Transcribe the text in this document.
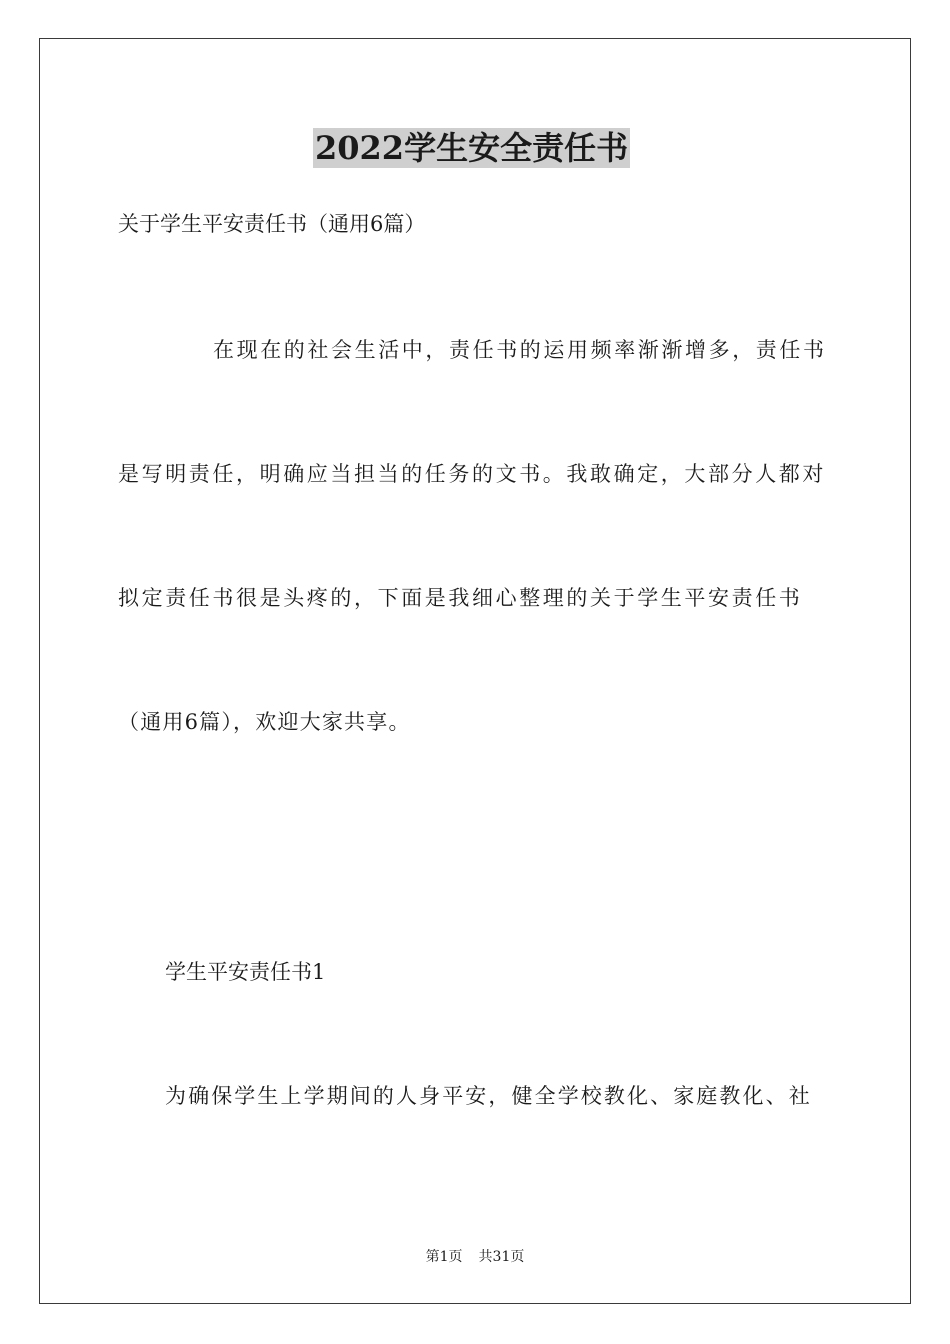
2022学生安全责任书
关于学生平安责任书（通用6篇）
在现在的社会生活中，责任书的运用频率渐渐增多，责任书
是写明责任，明确应当担当的任务的文书。我敢确定，大部分人都对
拟定责任书很是头疼的，下面是我细心整理的关于学生平安责任书
（通用6篇），欢迎大家共享。
学生平安责任书1
为确保学生上学期间的人身平安，健全学校教化、家庭教化、社
第1页 共31页
